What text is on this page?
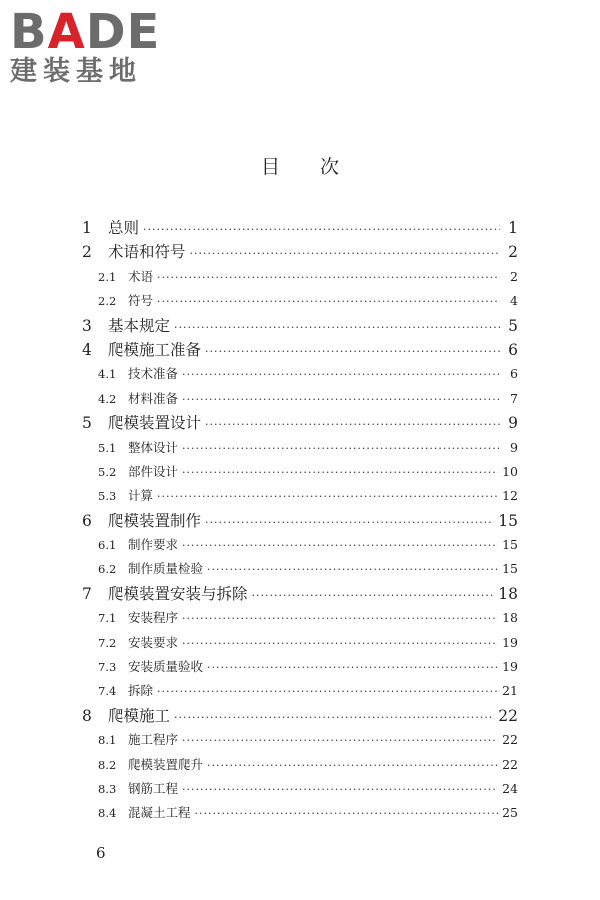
BADE
建装基地
目次
1	总则 ·····	1
2	术语和符号 ·····	2
2.1 术语 ·····	2
2.2 符号 ·····	4
3	基本规定 ·····	5
4	爬模施工准备 ·····	6
4.1 技术准备 ·····	6
4.2 材料准备 ·····	7
5	爬模装置设计 ·····	9
5.1 整体设计 ·····	9
5.2 部件设计 ·····	10
5.3 计算 ·····	12
6	爬模装置制作 ·····	15
6.1 制作要求 ·····	15
6.2 制作质量检验 ·····	15
7	爬模装置安装与拆除 ·····	18
7.1 安装程序 ·····	18
7.2 安装要求 ·····	19
7.3 安装质量验收 ·····	19
7.4 拆除 ·····	21
8	爬模施工 ·····	22
8.1 施工程序 ·····	22
8.2 爬模装置爬升 ·····	22
8.3 钢筋工程 ·····	24
8.4 混凝土工程 ·····	25
6
